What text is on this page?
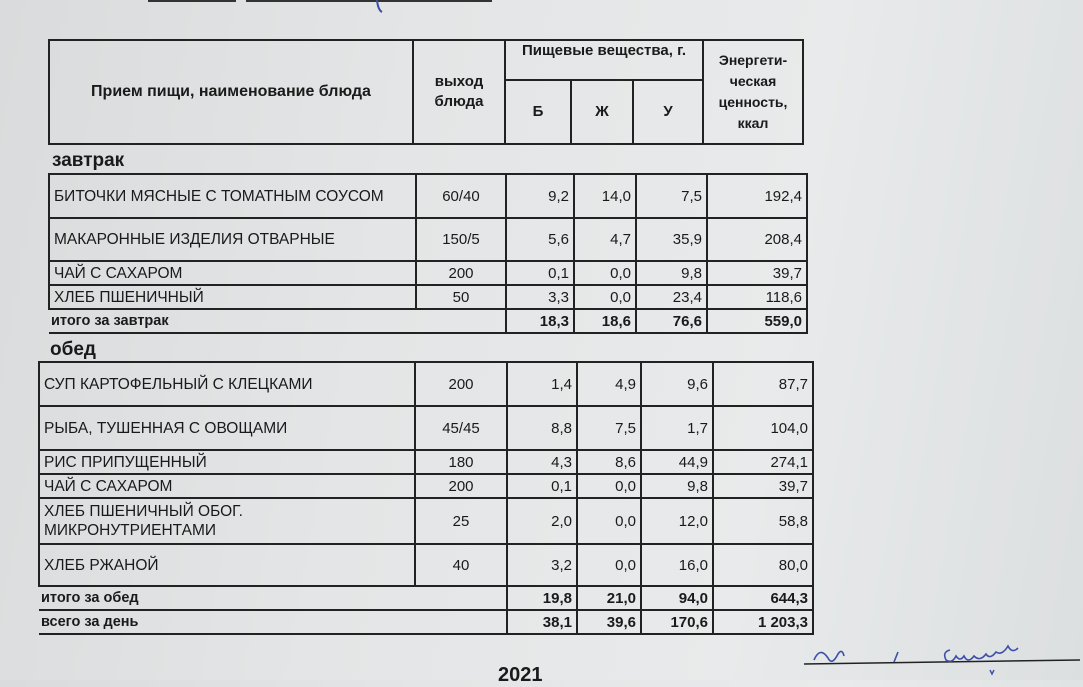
Прием пищи, наименование блюда	выход блюда	Пищевые вещества, г.			Энергети-ческая ценность, ккал
		Б	Ж	У	
завтрак
БИТОЧКИ МЯСНЫЕ С ТОМАТНЫМ СОУСОМ	60/40	9,2	14,0	7,5	192,4
МАКАРОННЫЕ ИЗДЕЛИЯ ОТВАРНЫЕ	150/5	5,6	4,7	35,9	208,4
ЧАЙ С САХАРОМ	200	0,1	0,0	9,8	39,7
ХЛЕБ ПШЕНИЧНЫЙ	50	3,3	0,0	23,4	118,6
итого за завтрак		18,3	18,6	76,6	559,0
обед
СУП КАРТОФЕЛЬНЫЙ С КЛЕЦКАМИ	200	1,4	4,9	9,6	87,7
РЫБА, ТУШЕННАЯ С ОВОЩАМИ	45/45	8,8	7,5	1,7	104,0
РИС ПРИПУЩЕННЫЙ	180	4,3	8,6	44,9	274,1
ЧАЙ С САХАРОМ	200	0,1	0,0	9,8	39,7
ХЛЕБ ПШЕНИЧНЫЙ ОБОГ. МИКРОНУТРИЕНТАМИ	25	2,0	0,0	12,0	58,8
ХЛЕБ РЖАНОЙ	40	3,2	0,0	16,0	80,0
итого за обед		19,8	21,0	94,0	644,3
всего за день		38,1	39,6	170,6	1 203,3
2021
